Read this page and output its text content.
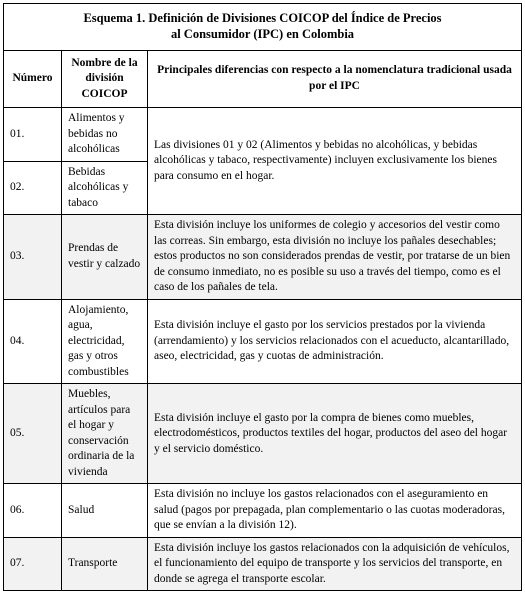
Esquema 1. Definición de Divisiones COICOP del Índice de Precios
al Consumidor (IPC) en Colombia		
Número	Nombre de la división COICOP	Principales diferencias con respecto a la nomenclatura tradicional usada por el IPC
01.	Alimentos y bebidas no alcohólicas	Las divisiones 01 y 02 (Alimentos y bebidas no alcohólicas, y bebidas alcohólicas y tabaco, respectivamente) incluyen exclusivamente los bienes para consumo en el hogar.
02.	Bebidas alcohólicas y tabaco	
03.	Prendas de vestir y calzado	Esta división incluye los uniformes de colegio y accesorios del vestir como las correas. Sin embargo, esta división no incluye los pañales desechables; estos productos no son considerados prendas de vestir, por tratarse de un bien de consumo inmediato, no es posible su uso a través del tiempo, como es el caso de los pañales de tela.
04.	Alojamiento, agua, electricidad, gas y otros combustibles	Esta división incluye el gasto por los servicios prestados por la vivienda (arrendamiento) y los servicios relacionados con el acueducto, alcantarillado, aseo, electricidad, gas y cuotas de administración.
05.	Muebles, artículos para el hogar y conservación ordinaria de la vivienda	Esta división incluye el gasto por la compra de bienes como muebles, electrodomésticos, productos textiles del hogar, productos del aseo del hogar y el servicio doméstico.
06.	Salud	Esta división no incluye los gastos relacionados con el aseguramiento en salud (pagos por prepagada, plan complementario o las cuotas moderadoras, que se envían a la división 12).
07.	Transporte	Esta división incluye los gastos relacionados con la adquisición de vehículos, el funcionamiento del equipo de transporte y los servicios del transporte, en donde se agrega el transporte escolar.
